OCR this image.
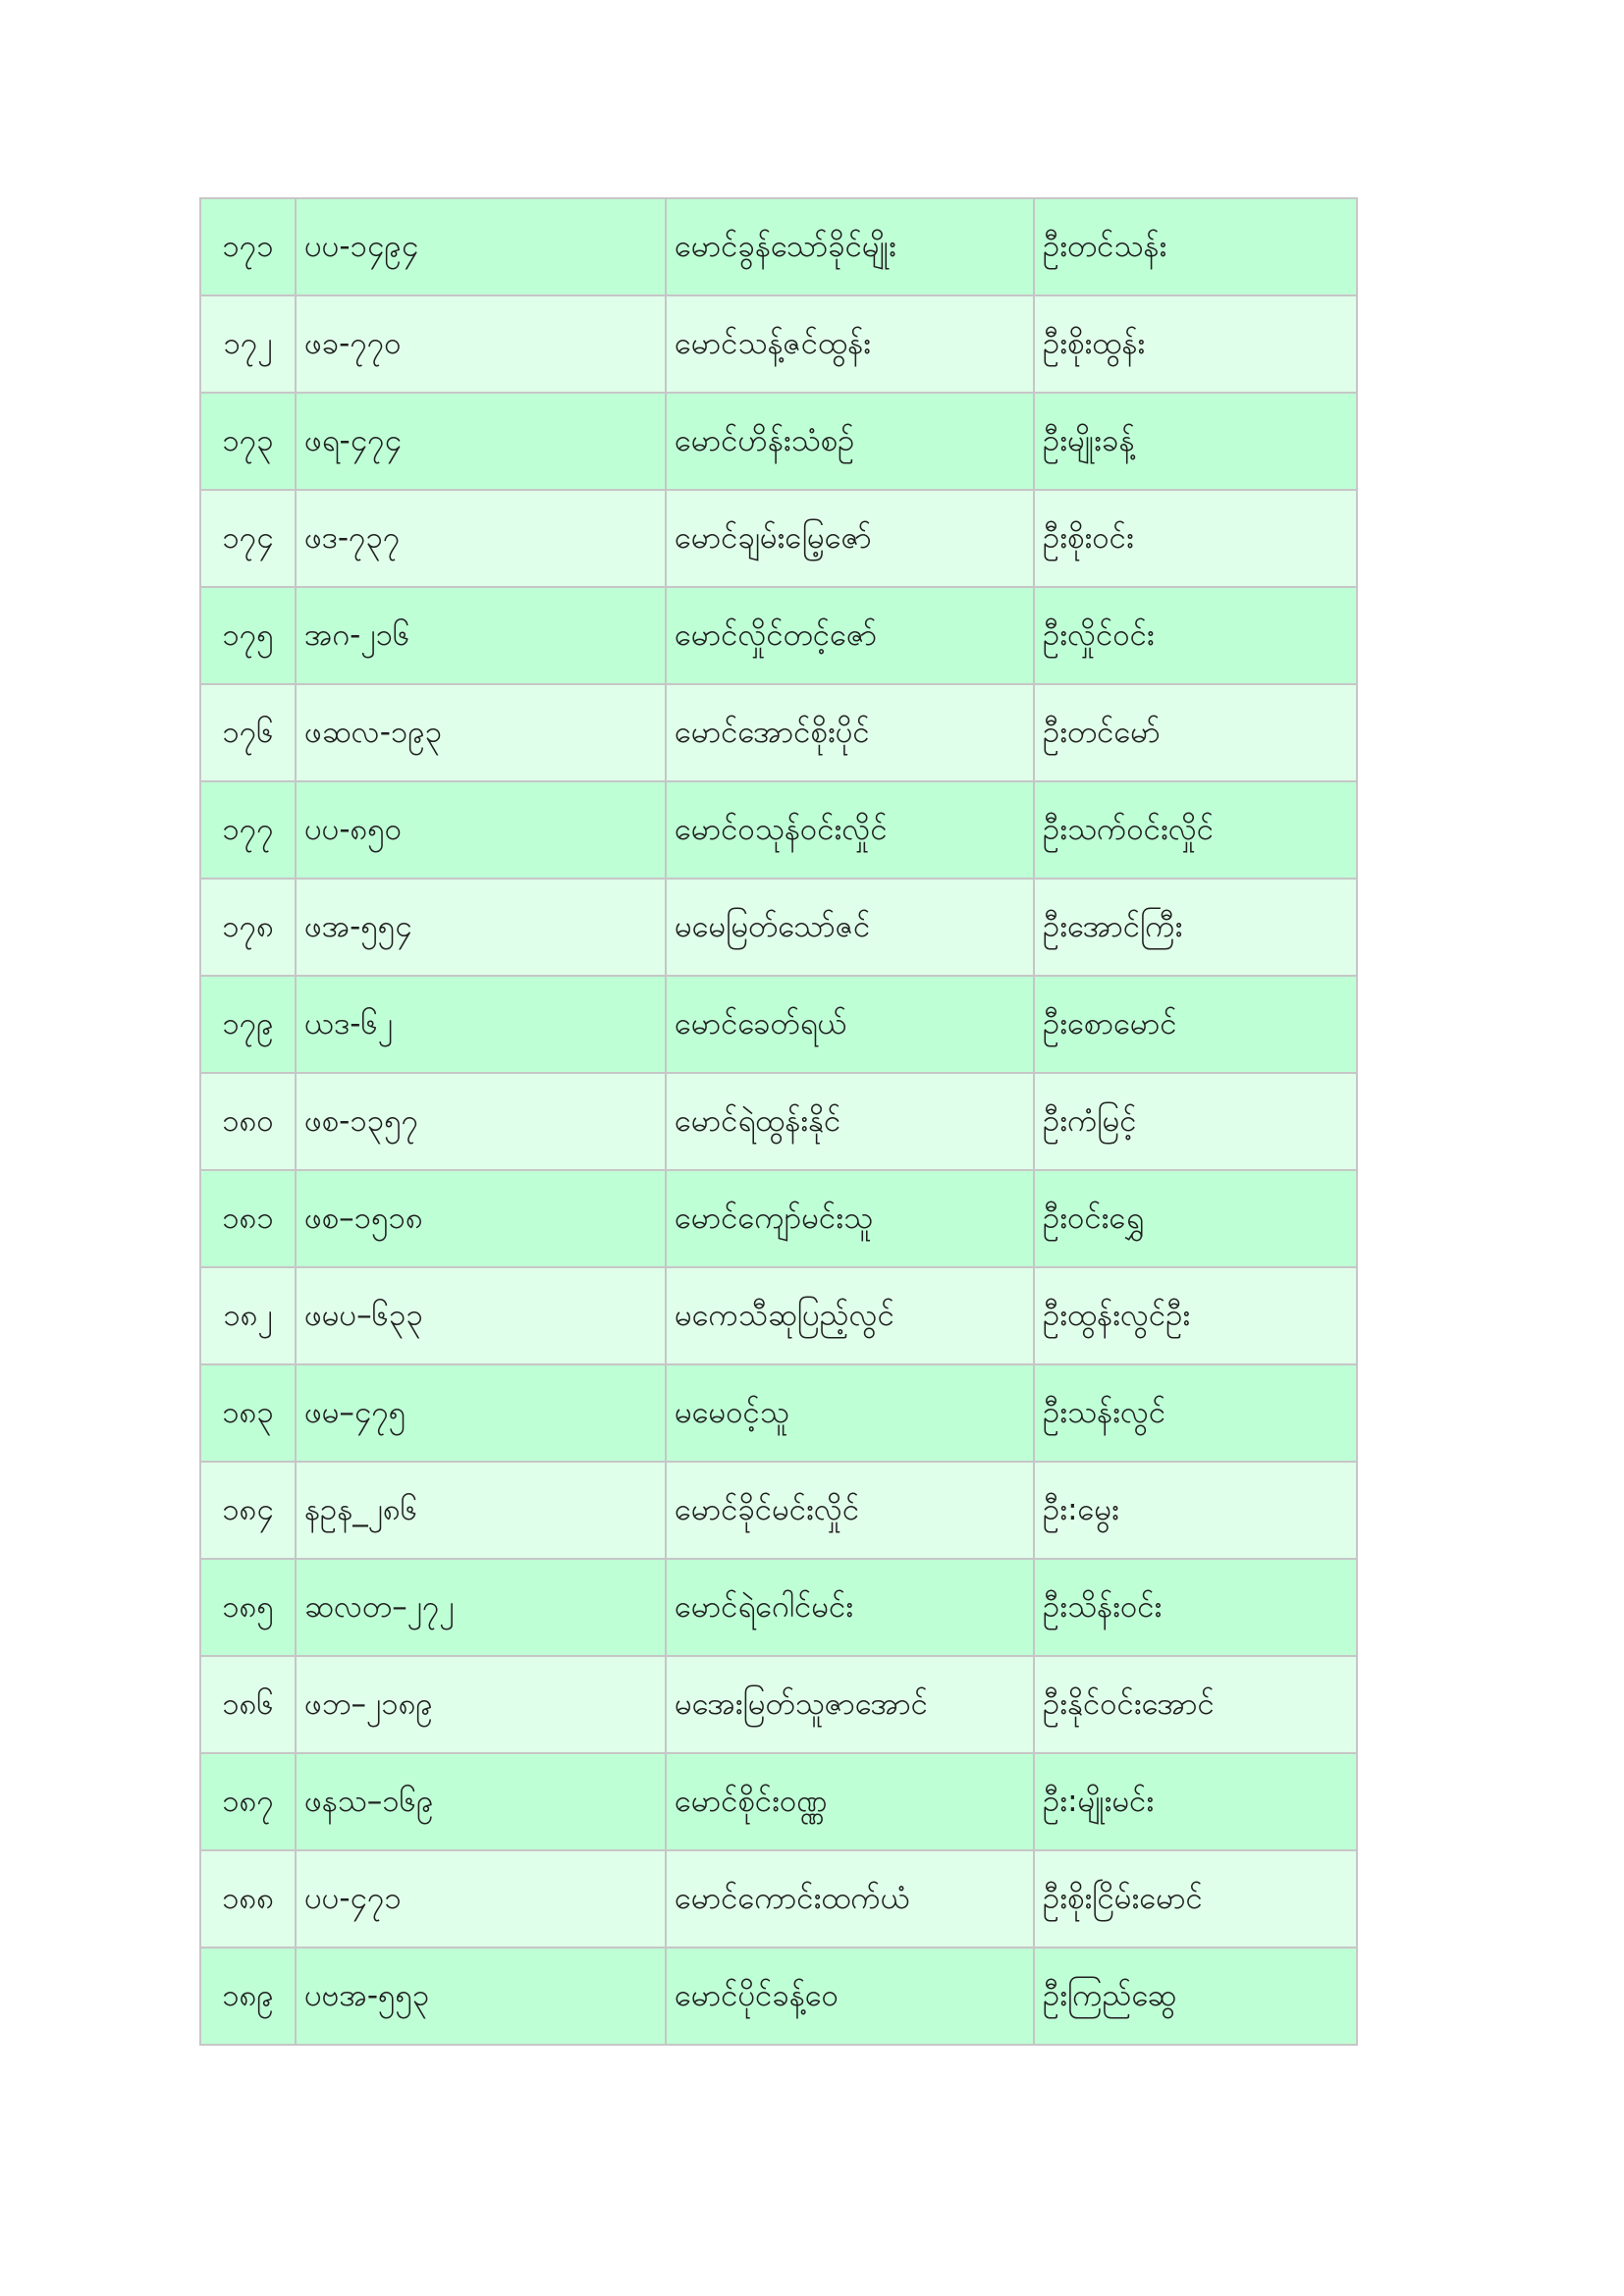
၁၇၁	ပပ-၁၄၉၄	မောင်ခွန်သော်ခိုင်မျိုး	ဦးတင်သန်း
၁၇၂	ဖခ-၇၇၀	မောင်သန့်ဇင်ထွန်း	ဦးစိုးထွန်း
၁၇၃	ဖရ-၄၇၄	မောင်ဟိန်းသံစဉ်	ဦးမျိုးခန့်
၁၇၄	ဖဒ-၇၃၇	မောင်ချမ်းမြေ့ဇော်	ဦးစိုးဝင်း
၁၇၅	အဂ-၂၁၆	မောင်လှိုင်တင့်ဇော်	ဦးလှိုင်ဝင်း
၁၇၆	ဖဆလ-၁၉၃	မောင်အောင်စိုးပိုင်	ဦးတင်မော်
၁၇၇	ပပ-၈၅၀	မောင်ဝသုန်ဝင်းလှိုင်	ဦးသက်ဝင်းလှိုင်
၁၇၈	ဖအ-၅၅၄	မမေမြတ်သော်ဇင်	ဦးအောင်ကြီး
၁၇၉	ယဒ-၆၂	မောင်ခေတ်ရယ်	ဦးစောမောင်
၁၈၀	ဖစ-၁၃၅၇	မောင်ရဲထွန်းနိုင်	ဦးကံမြင့်
၁၈၁	ဖစ–၁၅၁၈	မောင်ကျော်မင်းသူ	ဦးဝင်းရွှေ
၁၈၂	ဖမပ–၆၃၃	မကေသီဆုပြည့်လွင်	ဦးထွန်းလွင်ဦး
၁၈၃	ဖမ–၄၇၅	မမေဝင့်သူ	ဦးသန်းလွင်
၁၈၄	နဥန_၂၈၆	မောင်ခိုင်မင်းလှိုင်	ဦး:မွေး
၁၈၅	ဆလတ–၂၇၂	မောင်ရဲဂေါင်မင်း	ဦးသိန်းဝင်း
၁၈၆	ဖဘ–၂၁၈၉	မအေးမြတ်သူဇာအောင်	ဦးနိုင်ဝင်းအောင်
၁၈၇	ဖနသ–၁၆၉	မောင်စိုင်းဝဏ္ဏ	ဦး:မျိုးမင်း
၁၈၈	ပပ-၄၇၁	မောင်ကောင်းထက်ယံ	ဦးစိုးငြိမ်းမောင်
၁၈၉	ပဗအ-၅၅၃	မောင်ပိုင်ခန့်ဝေ	ဦးကြည်ဆွေ
